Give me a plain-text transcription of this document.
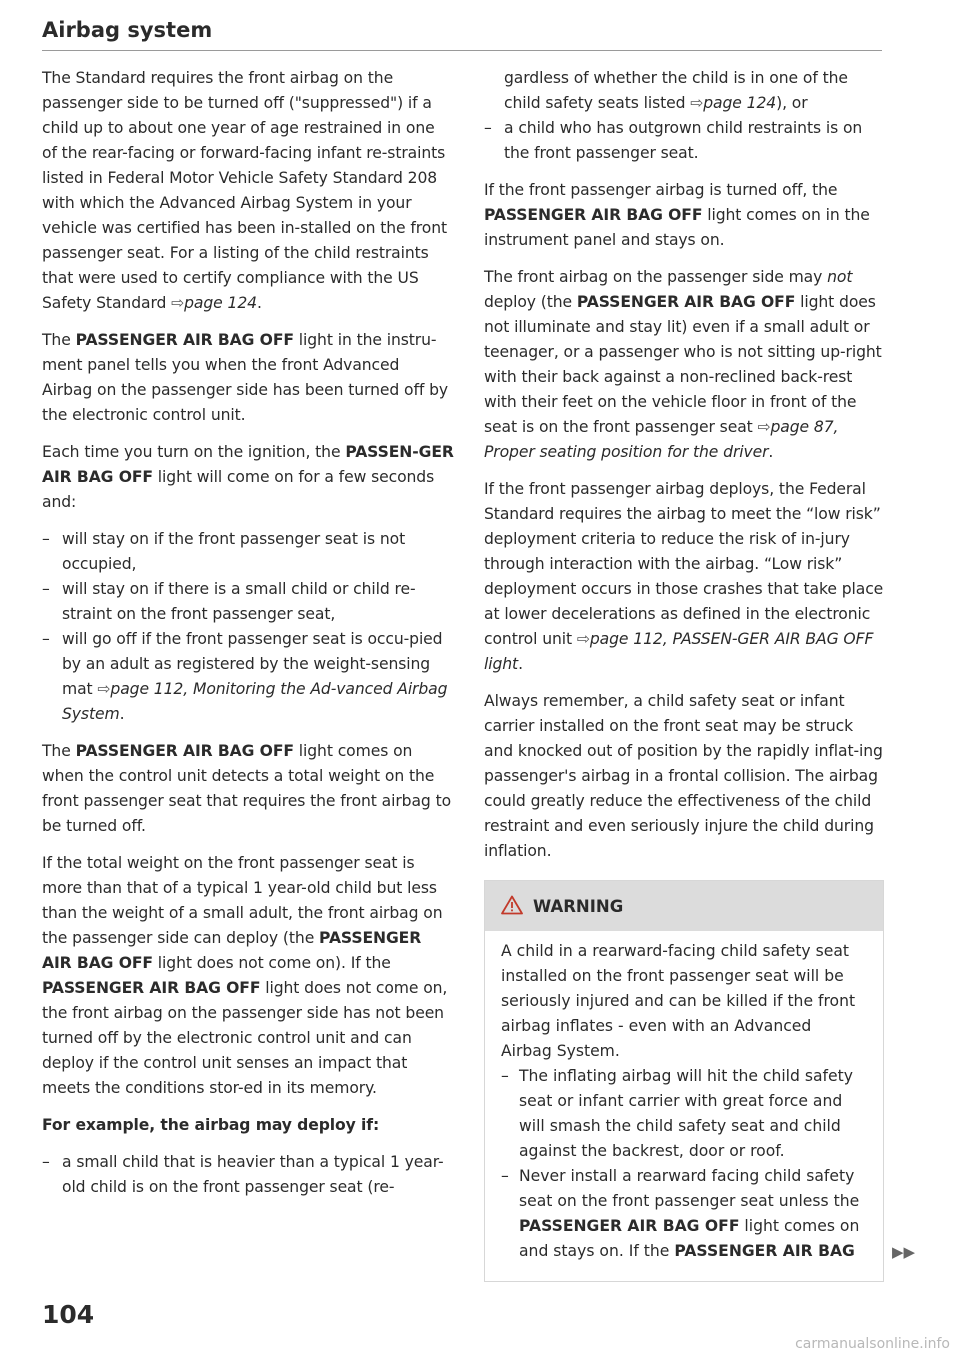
Airbag system

The Standard requires the front airbag on the passenger side to be turned off ("suppressed") if a child up to about one year of age restrained in one of the rear-facing or forward-facing infant re-straints listed in Federal Motor Vehicle Safety Standard 208 with which the Advanced Airbag System in your vehicle was certified has been in-stalled on the front passenger seat. For a listing of the child restraints that were used to certify compliance with the US Safety Standard ⇨page 124.

The PASSENGER AIR BAG OFF light in the instru-ment panel tells you when the front Advanced Airbag on the passenger side has been turned off by the electronic control unit.

Each time you turn on the ignition, the PASSEN-GER AIR BAG OFF light will come on for a few seconds and:

– will stay on if the front passenger seat is not occupied,
– will stay on if there is a small child or child re-straint on the front passenger seat,
– will go off if the front passenger seat is occu-pied by an adult as registered by the weight-sensing mat ⇨page 112, Monitoring the Ad-vanced Airbag System.

The PASSENGER AIR BAG OFF light comes on when the control unit detects a total weight on the front passenger seat that requires the front airbag to be turned off.

If the total weight on the front passenger seat is more than that of a typical 1 year-old child but less than the weight of a small adult, the front airbag on the passenger side can deploy (the PASSENGER AIR BAG OFF light does not come on). If the PASSENGER AIR BAG OFF light does not come on, the front airbag on the passenger side has not been turned off by the electronic control unit and can deploy if the control unit senses an impact that meets the conditions stor-ed in its memory.

For example, the airbag may deploy if:
– a small child that is heavier than a typical 1 year-old child is on the front passenger seat (re-
gardless of whether the child is in one of the child safety seats listed ⇨page 124), or
– a child who has outgrown child restraints is on the front passenger seat.

If the front passenger airbag is turned off, the PASSENGER AIR BAG OFF light comes on in the instrument panel and stays on.

The front airbag on the passenger side may not deploy (the PASSENGER AIR BAG OFF light does not illuminate and stay lit) even if a small adult or teenager, or a passenger who is not sitting up-right with their back against a non-reclined back-rest with their feet on the vehicle floor in front of the seat is on the front passenger seat ⇨page 87, Proper seating position for the driver.

If the front passenger airbag deploys, the Federal Standard requires the airbag to meet the “low risk” deployment criteria to reduce the risk of in-jury through interaction with the airbag. “Low risk” deployment occurs in those crashes that take place at lower decelerations as defined in the electronic control unit ⇨page 112, PASSEN-GER AIR BAG OFF light.

Always remember, a child safety seat or infant carrier installed on the front seat may be struck and knocked out of position by the rapidly inflat-ing passenger's airbag in a frontal collision. The airbag could greatly reduce the effectiveness of the child restraint and even seriously injure the child during inflation.

WARNING

A child in a rearward-facing child safety seat installed on the front passenger seat will be seriously injured and can be killed if the front airbag inflates - even with an Advanced Airbag System.

– The inflating airbag will hit the child safety seat or infant carrier with great force and will smash the child safety seat and child against the backrest, door or roof.
– Never install a rearward facing child safety seat on the front passenger seat unless the PASSENGER AIR BAG OFF light comes on and stays on. If the PASSENGER AIR BAG	▶▶
104
carmanualsonline.info
